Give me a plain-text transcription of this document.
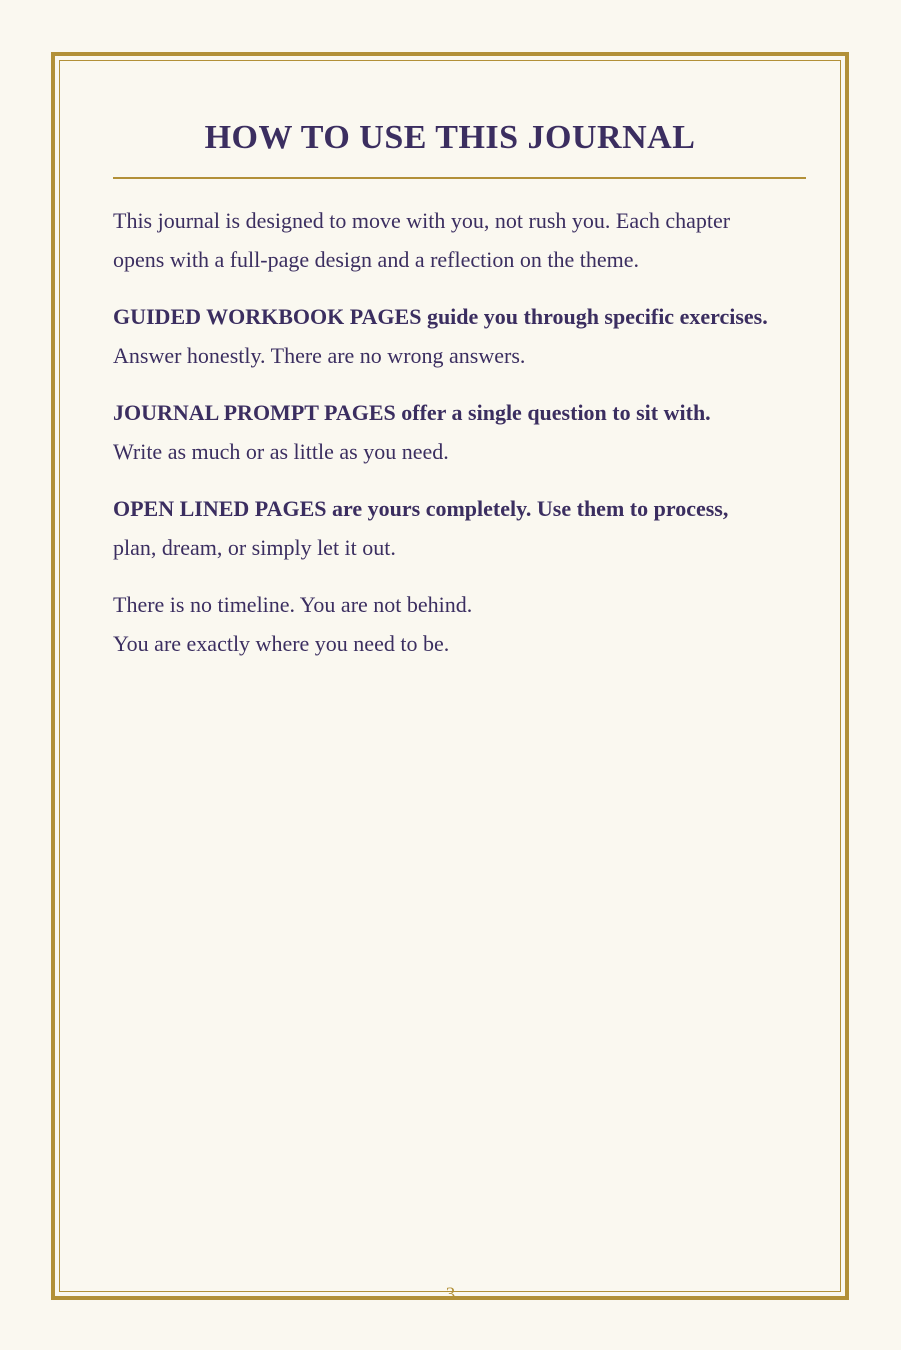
HOW TO USE THIS JOURNAL

This journal is designed to move with you, not rush you. Each chapter
opens with a full-page design and a reflection on the theme.

GUIDED WORKBOOK PAGES guide you through specific exercises.
Answer honestly. There are no wrong answers.

JOURNAL PROMPT PAGES offer a single question to sit with.
Write as much or as little as you need.

OPEN LINED PAGES are yours completely. Use them to process,
plan, dream, or simply let it out.

There is no timeline. You are not behind.
You are exactly where you need to be.

3
